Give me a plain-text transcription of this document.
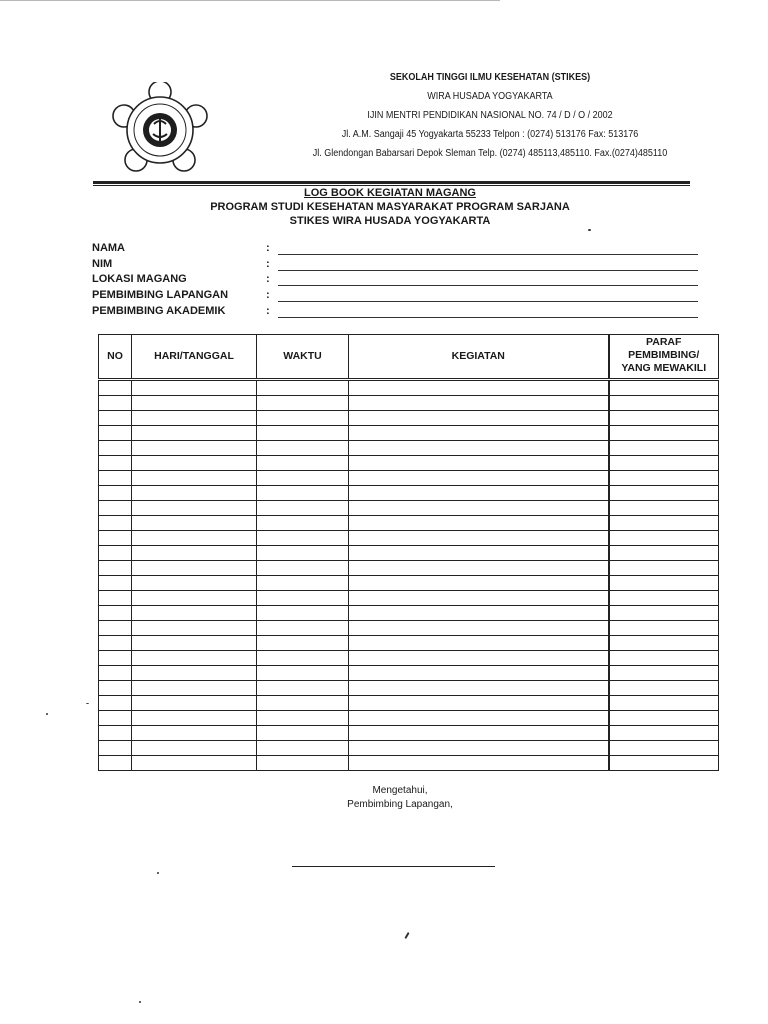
SEKOLAH TINGGI ILMU KESEHATAN (STIKES)
WIRA HUSADA YOGYAKARTA
IJIN MENTRI PENDIDIKAN NASIONAL NO. 74 / D / O / 2002
Jl. A.M. Sangaji 45 Yogyakarta 55233 Telpon : (0274) 513176 Fax: 513176
Jl. Glendongan Babarsari Depok Sleman Telp. (0274) 485113,485110. Fax.(0274)485110
LOG BOOK KEGIATAN MAGANG
PROGRAM STUDI KESEHATAN MASYARAKAT PROGRAM SARJANA
STIKES WIRA HUSADA YOGYAKARTA
NAMA	:
NIM	:
LOKASI MAGANG	:
PEMBIMBING LAPANGAN	:
PEMBIMBING AKADEMIK	:
NO	HARI/TANGGAL	WAKTU	KEGIATAN	PARAF
PEMBIMBING/
YANG MEWAKILI

Mengetahui,
Pembimbing Lapangan,
